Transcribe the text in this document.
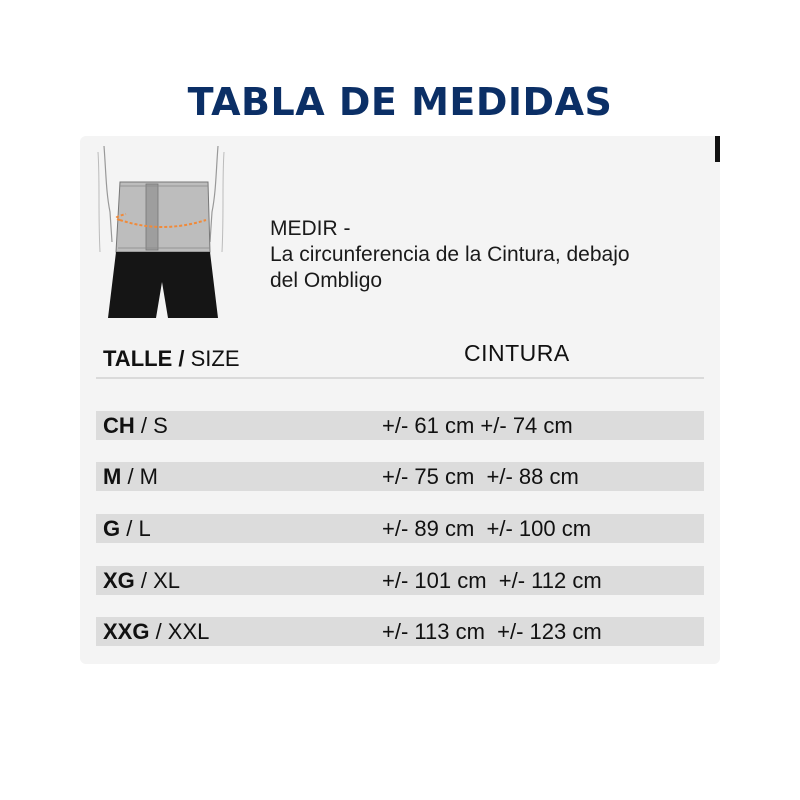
TABLA DE MEDIDAS
MEDIR -
La circunferencia de la Cintura, debajo
del Ombligo
TALLE / SIZE	CINTURA
CH / S	+/- 61 cm +/- 74 cm
M / M	+/- 75 cm  +/- 88 cm
G / L	+/- 89 cm  +/- 100 cm
XG / XL	+/- 101 cm  +/- 112 cm
XXG / XXL	+/- 113 cm  +/- 123 cm
